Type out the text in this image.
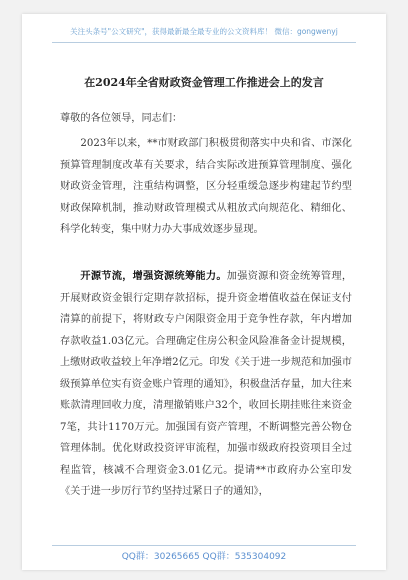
关注头条号"公文研究"，获得最新最全最专业的公文资料库！ 微信：gongwenyj
在2024年全省财政资金管理工作推进会上的发言
尊敬的各位领导，同志们：

2023年以来，**市财政部门积极贯彻落实中央和省、市深化预算管理制度改革有关要求，结合实际改进预算管理制度、强化财政资金管理，注重结构调整，区分轻重缓急逐步构建起节约型财政保障机制，推动财政管理模式从粗放式向规范化、精细化、科学化转变，集中财力办大事成效逐步显现。

开源节流，增强资源统筹能力。加强资源和资金统筹管理，开展财政资金银行定期存款招标，提升资金增值收益在保证支付清算的前提下，将财政专户闲限资金用于竞争性存款，年内增加存款收益1.03亿元。合理确定住房公积金风险准备金计提规模，上缴财政收益较上年净增2亿元。印发《关于进一步规范和加强市级预算单位实有资金账户管理的通知》，积极盘活存量，加大往来账款清理回收力度，清理撤销账户32个，收回长期挂账往来资金7笔，共计1170万元。加强国有资产管理，不断调整完善公物仓管理体制。优化财政投资评审流程，加强市级政府投资项目全过程监管，核减不合理资金3.01亿元。提请**市政府办公室印发《关于进一步厉行节约坚持过紧日子的通知》，

QQ群：30265665 QQ群：535304092
